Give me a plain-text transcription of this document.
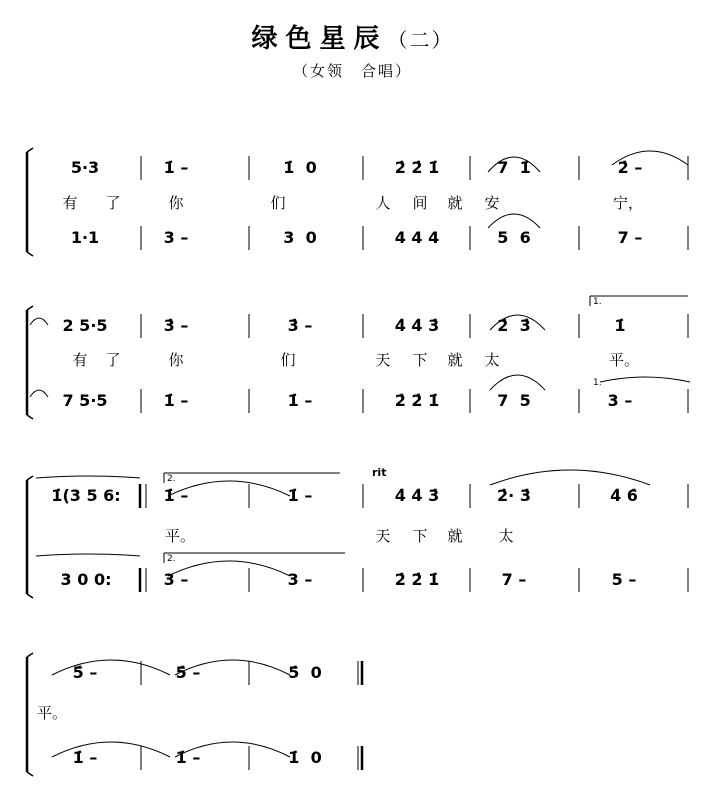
绿色星辰（二）
（女领　合唱）
5·3	1̇ –	1̇  0	2̇ 2̇ 1̇	7  1̇	2̇ –
有 了	你	们	人 间 就 安	宁，
1·1	3 –	3  0	4 4 4	5  6	7 –
2 5·5	3̇ –	3̇ –	4̇ 4̇ 3̇	2̇  3̇	1̇
有 了	你	们	天 下 就 太	平。
7 5·5	1̇ –	1̇ –	2̇ 2̇ 1̇	7  5	3 –
1̇(3 5 6:	1̇ –	1̇ –	4̇ 4̇ 3̇	2̇· 3̇	4̇ 6̇
平。	天 下 就 太
3 0 0:	3 –	3 –	2̇ 2̇ 1̇	7 –	5 –
5̇ –	5̇ –	5̇  0
平。
1̇ –	1̇ –	1̇  0
1.
1.
2.
2.
rit
